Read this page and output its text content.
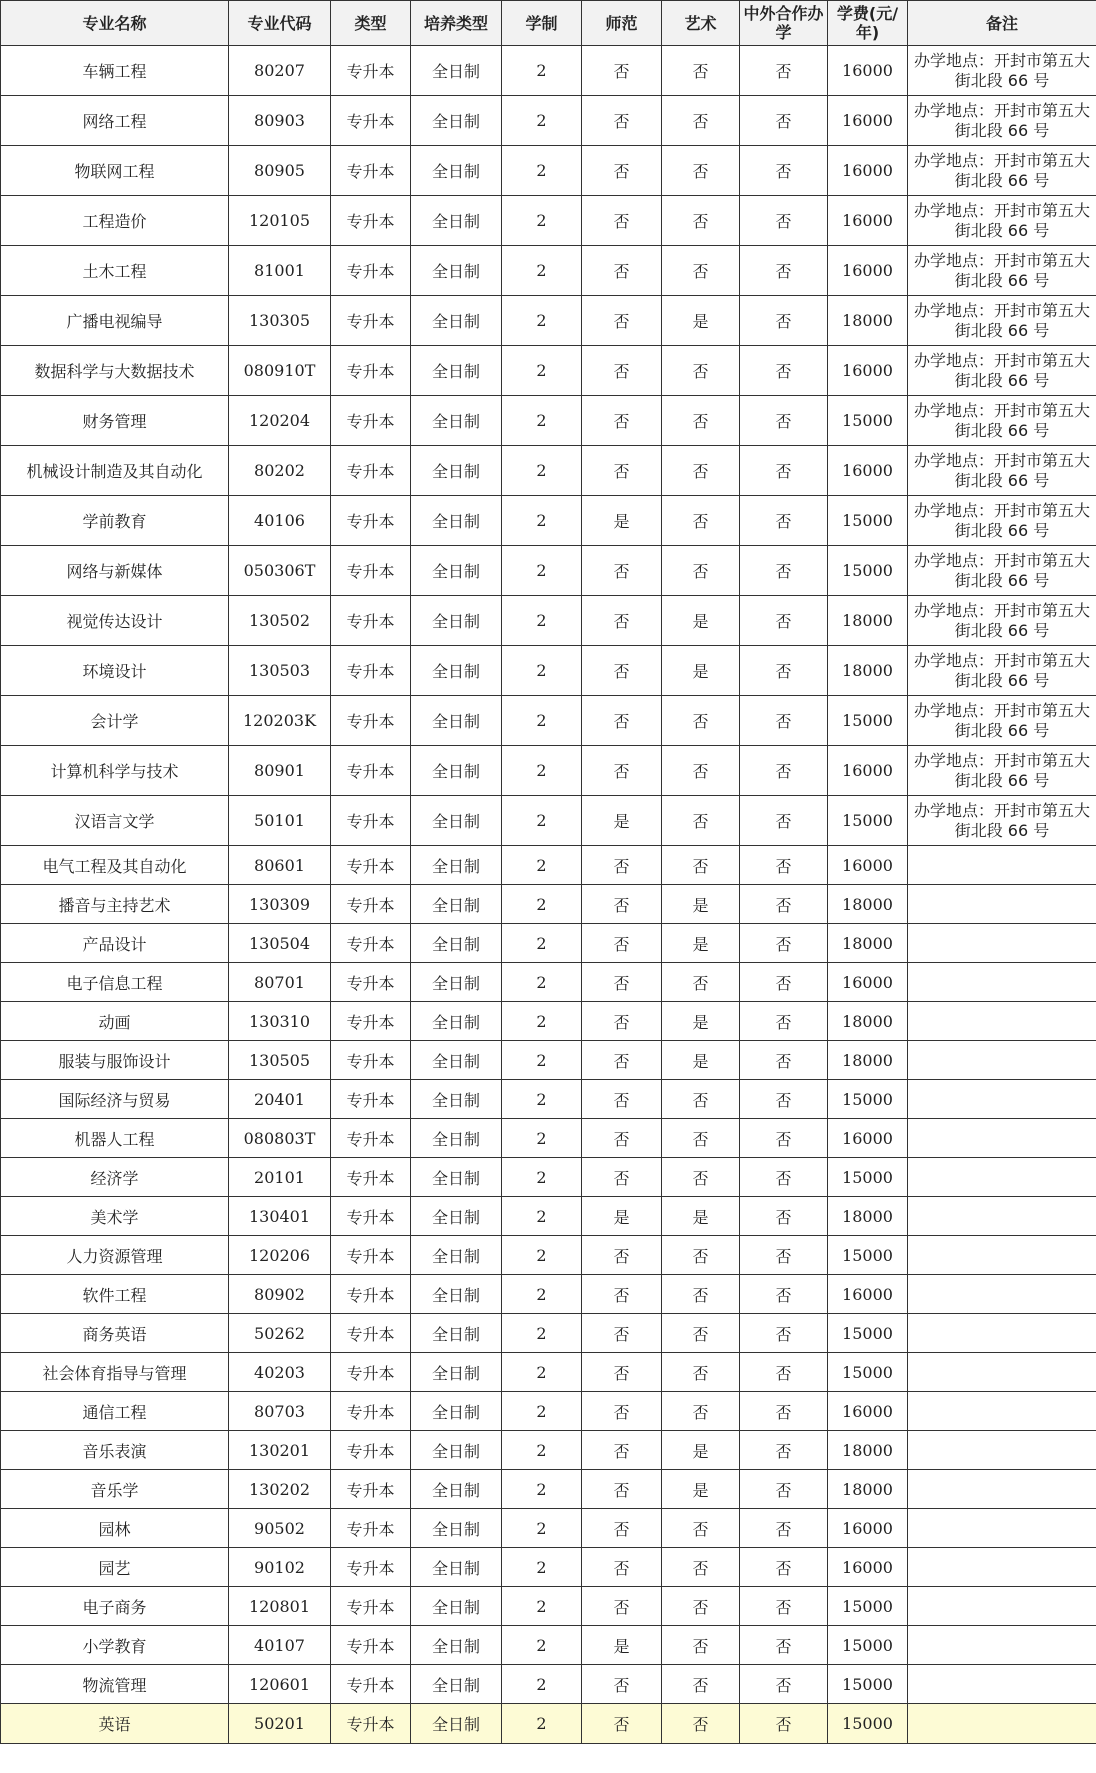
专业名称	专业代码	类型	培养类型	学制	师范	艺术	中外合作办学	学费(元/年)	备注
车辆工程	80207	专升本	全日制	2	否	否	否	16000	办学地点：开封市第五大街北段 66 号
网络工程	80903	专升本	全日制	2	否	否	否	16000	办学地点：开封市第五大街北段 66 号
物联网工程	80905	专升本	全日制	2	否	否	否	16000	办学地点：开封市第五大街北段 66 号
工程造价	120105	专升本	全日制	2	否	否	否	16000	办学地点：开封市第五大街北段 66 号
土木工程	81001	专升本	全日制	2	否	否	否	16000	办学地点：开封市第五大街北段 66 号
广播电视编导	130305	专升本	全日制	2	否	是	否	18000	办学地点：开封市第五大街北段 66 号
数据科学与大数据技术	080910T	专升本	全日制	2	否	否	否	16000	办学地点：开封市第五大街北段 66 号
财务管理	120204	专升本	全日制	2	否	否	否	15000	办学地点：开封市第五大街北段 66 号
机械设计制造及其自动化	80202	专升本	全日制	2	否	否	否	16000	办学地点：开封市第五大街北段 66 号
学前教育	40106	专升本	全日制	2	是	否	否	15000	办学地点：开封市第五大街北段 66 号
网络与新媒体	050306T	专升本	全日制	2	否	否	否	15000	办学地点：开封市第五大街北段 66 号
视觉传达设计	130502	专升本	全日制	2	否	是	否	18000	办学地点：开封市第五大街北段 66 号
环境设计	130503	专升本	全日制	2	否	是	否	18000	办学地点：开封市第五大街北段 66 号
会计学	120203K	专升本	全日制	2	否	否	否	15000	办学地点：开封市第五大街北段 66 号
计算机科学与技术	80901	专升本	全日制	2	否	否	否	16000	办学地点：开封市第五大街北段 66 号
汉语言文学	50101	专升本	全日制	2	是	否	否	15000	办学地点：开封市第五大街北段 66 号
电气工程及其自动化	80601	专升本	全日制	2	否	否	否	16000	
播音与主持艺术	130309	专升本	全日制	2	否	是	否	18000	
产品设计	130504	专升本	全日制	2	否	是	否	18000	
电子信息工程	80701	专升本	全日制	2	否	否	否	16000	
动画	130310	专升本	全日制	2	否	是	否	18000	
服装与服饰设计	130505	专升本	全日制	2	否	是	否	18000	
国际经济与贸易	20401	专升本	全日制	2	否	否	否	15000	
机器人工程	080803T	专升本	全日制	2	否	否	否	16000	
经济学	20101	专升本	全日制	2	否	否	否	15000	
美术学	130401	专升本	全日制	2	是	是	否	18000	
人力资源管理	120206	专升本	全日制	2	否	否	否	15000	
软件工程	80902	专升本	全日制	2	否	否	否	16000	
商务英语	50262	专升本	全日制	2	否	否	否	15000	
社会体育指导与管理	40203	专升本	全日制	2	否	否	否	15000	
通信工程	80703	专升本	全日制	2	否	否	否	16000	
音乐表演	130201	专升本	全日制	2	否	是	否	18000	
音乐学	130202	专升本	全日制	2	否	是	否	18000	
园林	90502	专升本	全日制	2	否	否	否	16000	
园艺	90102	专升本	全日制	2	否	否	否	16000	
电子商务	120801	专升本	全日制	2	否	否	否	15000	
小学教育	40107	专升本	全日制	2	是	否	否	15000	
物流管理	120601	专升本	全日制	2	否	否	否	15000	
英语	50201	专升本	全日制	2	否	否	否	15000	
